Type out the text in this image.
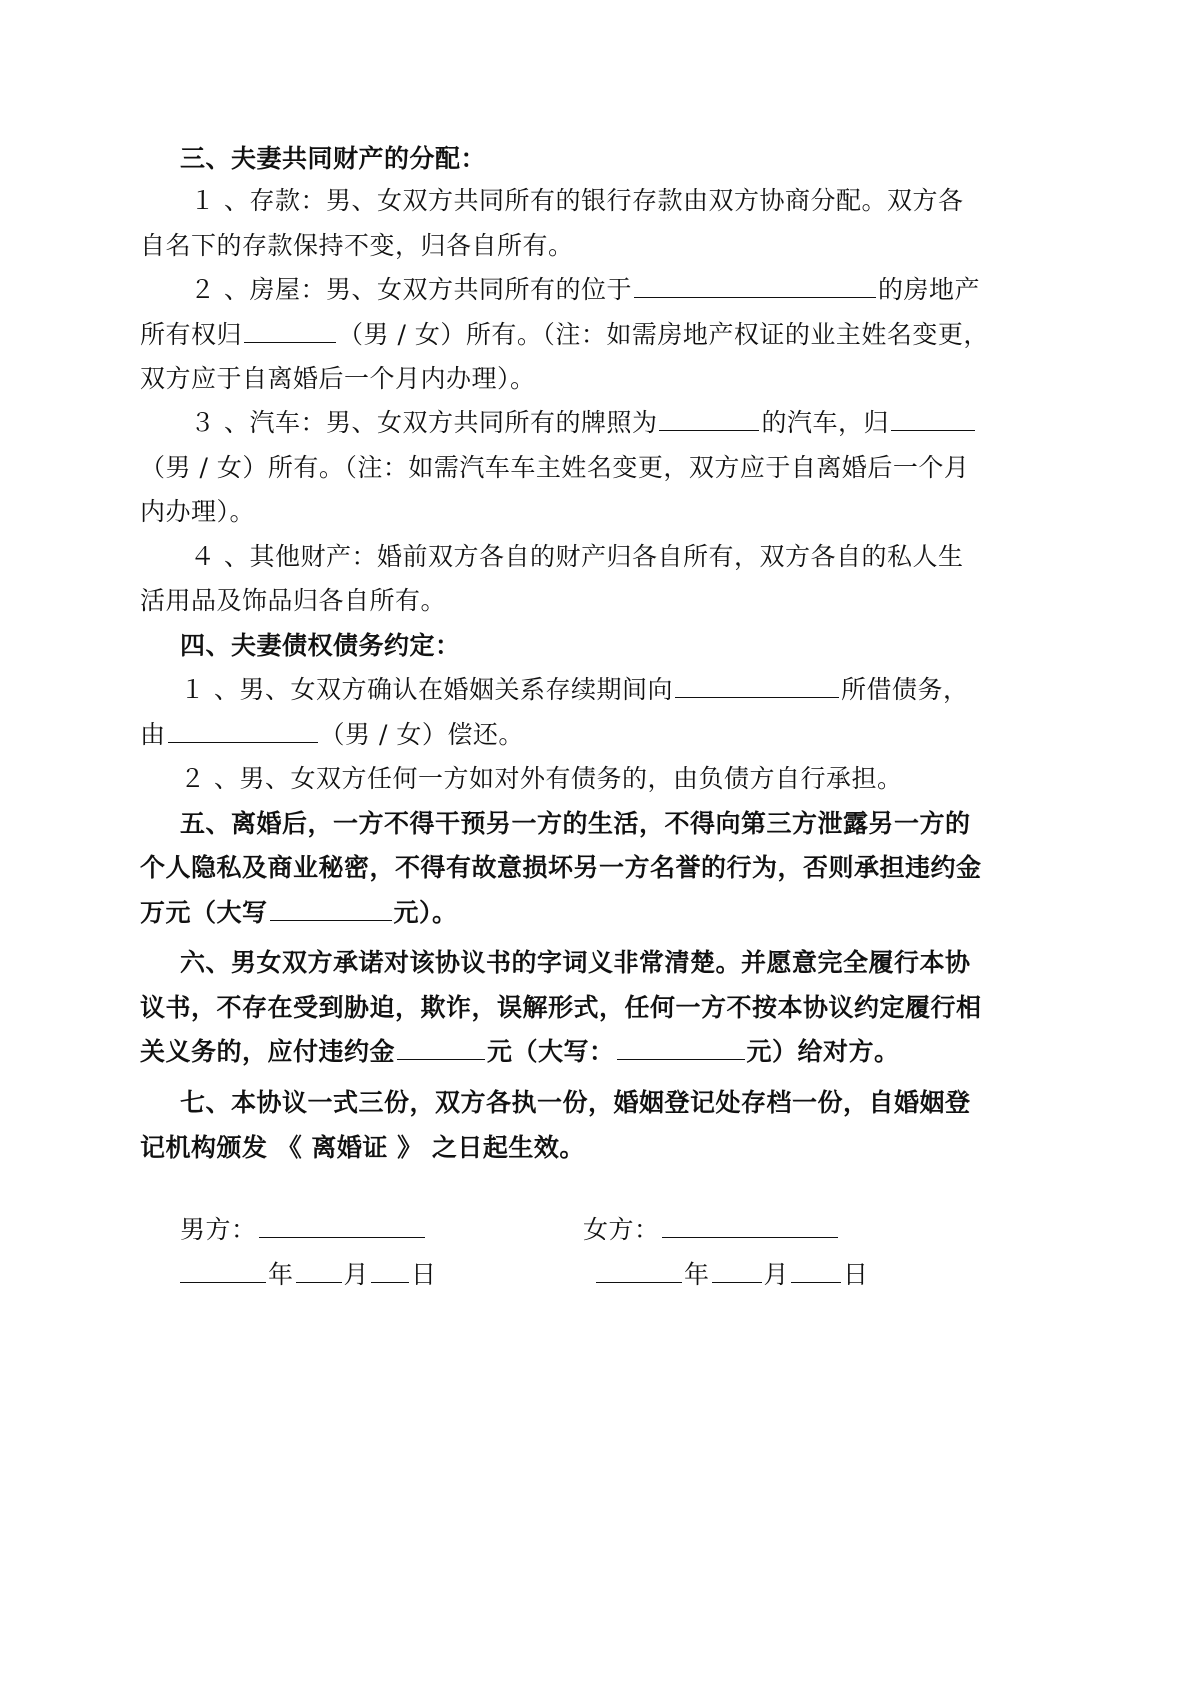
三、夫妻共同财产的分配：
１ 、存款：男、女双方共同所有的银行存款由双方协商分配。双方各
自名下的存款保持不变，归各自所有。
２ 、房屋：男、女双方共同所有的位于	的房地产
所有权归	（男 / 女）所有。（注：如需房地产权证的业主姓名变更，
双方应于自离婚后一个月内办理）。
３ 、汽车：男、女双方共同所有的牌照为	的汽车，归
（男 / 女）所有。（注：如需汽车车主姓名变更，双方应于自离婚后一个月
内办理）。
４ 、其他财产：婚前双方各自的财产归各自所有，双方各自的私人生
活用品及饰品归各自所有。
四、夫妻债权债务约定：
１ 、男、女双方确认在婚姻关系存续期间向	所借债务，
由	（男 / 女）偿还。
２ 、男、女双方任何一方如对外有债务的，由负债方自行承担。
五、离婚后，一方不得干预另一方的生活，不得向第三方泄露另一方的
个人隐私及商业秘密，不得有故意损坏另一方名誉的行为，否则承担违约金
万元（大写	元）。
六、男女双方承诺对该协议书的字词义非常清楚。并愿意完全履行本协
议书，不存在受到胁迫，欺诈，误解形式，任何一方不按本协议约定履行相
关义务的，应付违约金	元（大写：	元）给对方。
七、本协议一式三份，双方各执一份，婚姻登记处存档一份，自婚姻登
记机构颁发 《 离婚证 》 之日起生效。
男方：	女方：
年 月 日	年 月 日
